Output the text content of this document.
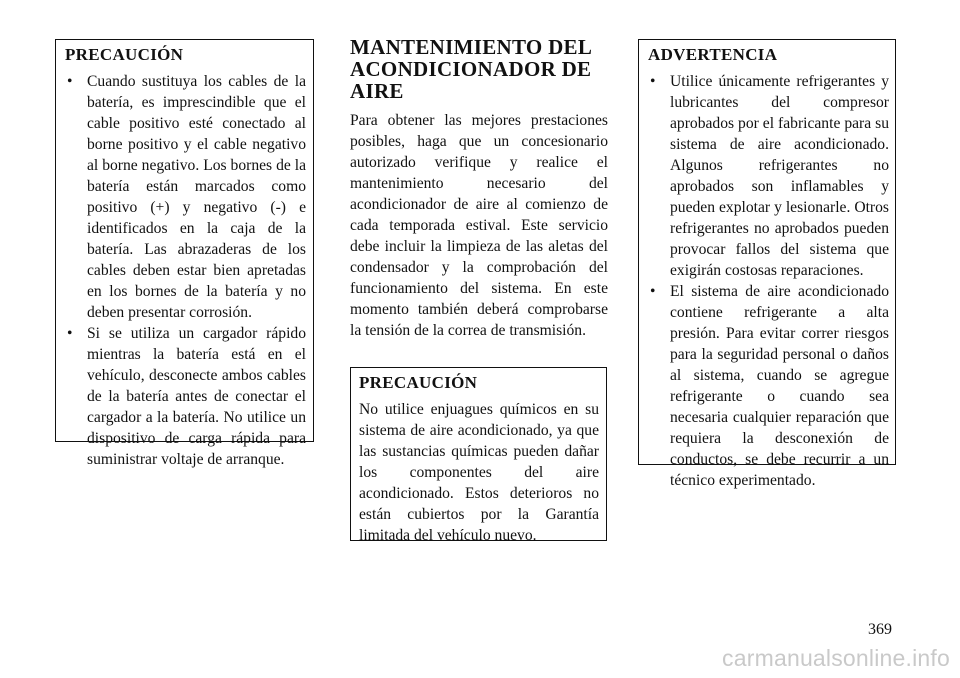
PRECAUCIÓN
• Cuando sustituya los cables de la batería, es imprescindible que el cable positivo esté conectado al borne positivo y el cable negativo al borne negativo. Los bornes de la batería están marcados como positivo (+) y negativo (-) e identificados en la caja de la batería. Las abrazaderas de los cables deben estar bien apretadas en los bornes de la batería y no deben presentar corrosión.
• Si se utiliza un cargador rápido mientras la batería está en el vehículo, desconecte ambos cables de la batería antes de conectar el cargador a la batería. No utilice un dispositivo de carga rápida para suministrar voltaje de arranque.
MANTENIMIENTO DEL ACONDICIONADOR DE AIRE

Para obtener las mejores prestaciones posibles, haga que un concesionario autorizado verifique y realice el mantenimiento necesario del acondicionador de aire al comienzo de cada temporada estival. Este servicio debe incluir la limpieza de las aletas del condensador y la comprobación del funcionamiento del sistema. En este momento también deberá comprobarse la tensión de la correa de transmisión.

PRECAUCIÓN

No utilice enjuagues químicos en su sistema de aire acondicionado, ya que las sustancias químicas pueden dañar los componentes del aire acondicionado. Estos deterioros no están cubiertos por la Garantía limitada del vehículo nuevo.

ADVERTENCIA
• Utilice únicamente refrigerantes y lubricantes del compresor aprobados por el fabricante para su sistema de aire acondicionado. Algunos refrigerantes no aprobados son inflamables y pueden explotar y lesionarle. Otros refrigerantes no aprobados pueden provocar fallos del sistema que exigirán costosas reparaciones.
• El sistema de aire acondicionado contiene refrigerante a alta presión. Para evitar correr riesgos para la seguridad personal o daños al sistema, cuando se agregue refrigerante o cuando sea necesaria cualquier reparación que requiera la desconexión de conductos, se debe recurrir a un técnico experimentado.
369
carmanualsonline.info
